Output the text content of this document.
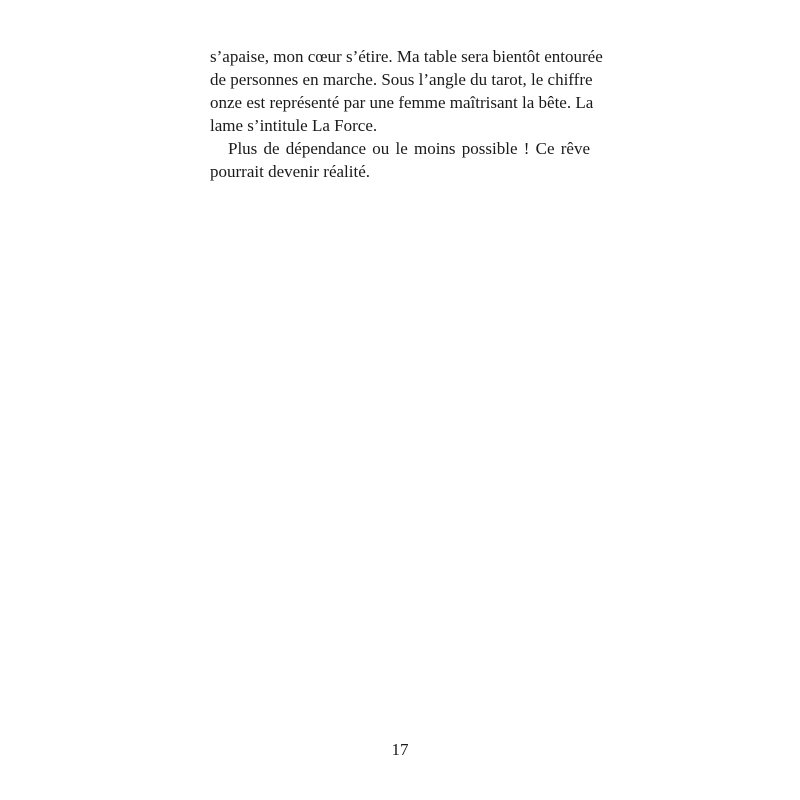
s’apaise, mon cœur s’étire. Ma table sera bientôt entourée
de personnes en marche. Sous l’angle du tarot, le chiffre
onze est représenté par une femme maîtrisant la bête. La
lame s’intitule La Force.
Plus de dépendance ou le moins possible ! Ce rêve
pourrait devenir réalité.
17
